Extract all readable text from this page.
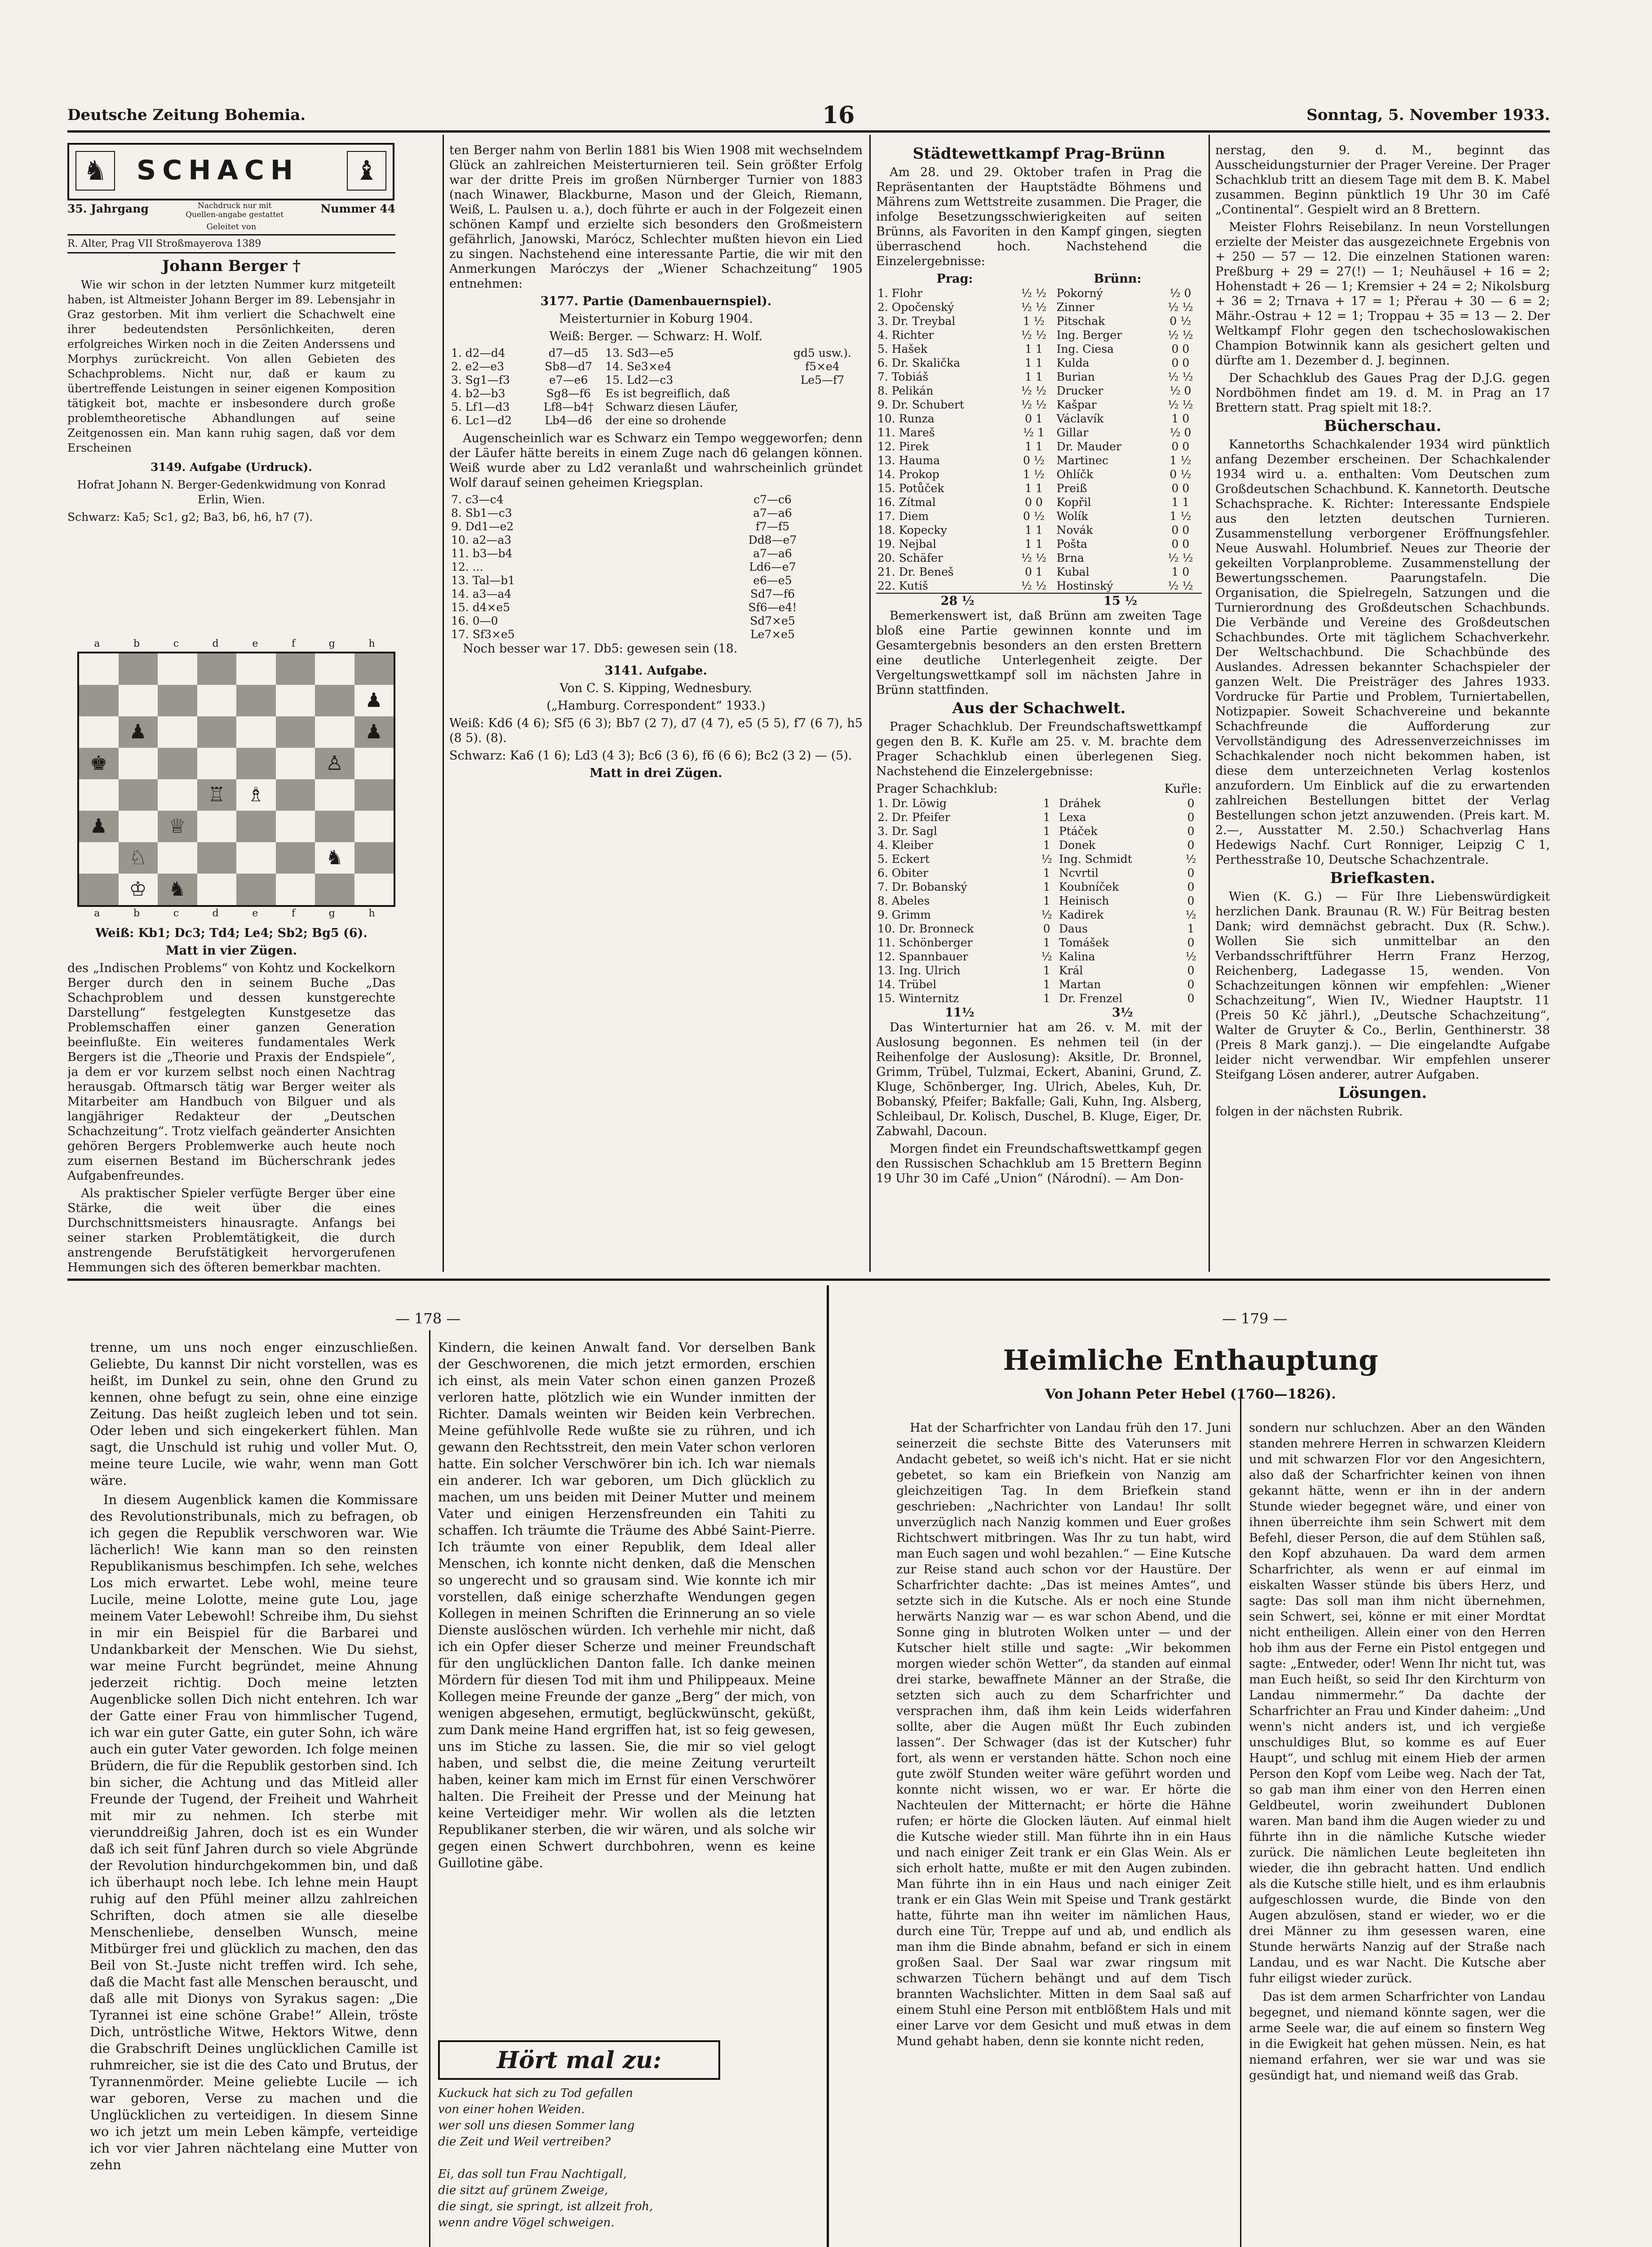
Deutsche Zeitung Bohemia.	16	Sonntag, 5. November 1933.
♞ SCHACH ♝
35. Jahrgang	Nachdruck nur mit Quellen-angabe gestattet	Nummer 44
Geleitet von
R. Alter, Prag VII Stroßmayerova 1389
Johann Berger †

Wie wir schon in der letzten Nummer kurz mitgeteilt haben, ist Altmeister Johann Berger im 89. Lebensjahr in Graz gestorben. Mit ihm verliert die Schachwelt eine ihrer bedeutendsten Persönlichkeiten, deren erfolgreiches Wirken noch in die Zeiten Anderssens und Morphys zurückreicht. Von allen Gebieten des Schachproblems. Nicht nur, daß er kaum zu übertreffende Leistungen in seiner eigenen Komposition tätigkeit bot, machte er insbesondere durch große problemtheoretische Abhandlungen auf seine Zeitgenossen ein. Man kann ruhig sagen, daß vor dem Erscheinen

3149. Aufgabe (Urdruck).

Hofrat Johann N. Berger-Gedenkwidmung von Konrad Erlin, Wien.

Schwarz: Ka5; Sc1, g2; Ba3, b6, h6, h7 (7).

♔
♕
♖	♗
♘
♙
♚
♞
♞
♟
♟	♟
♟
a	b	c	d	e	f	g	h
a	b	c	d	e	f	g	h

Weiß: Kb1; Dc3; Td4; Le4; Sb2; Bg5 (6).

Matt in vier Zügen.

des „Indischen Problems“ von Kohtz und Kockelkorn Berger durch den in seinem Buche „Das Schachproblem und dessen kunstgerechte Darstellung“ festgelegten Kunstgesetze das Problemschaffen einer ganzen Generation beeinflußte. Ein weiteres fundamentales Werk Bergers ist die „Theorie und Praxis der Endspiele“, ja dem er vor kurzem selbst noch einen Nachtrag herausgab. Oftmarsch tätig war Berger weiter als Mitarbeiter am Handbuch von Bilguer und als langjähriger Redakteur der „Deutschen Schachzeitung“. Trotz vielfach geänderter Ansichten gehören Bergers Problemwerke auch heute noch zum eisernen Bestand im Bücherschrank jedes Aufgabenfreundes.

Als praktischer Spieler verfügte Berger über eine Stärke, die weit über die eines Durchschnittsmeisters hinausragte. Anfangs bei seiner starken Problemtätigkeit, die durch anstrengende Berufstätigkeit hervorgerufenen Hemmungen sich des öfteren bemerkbar machten.

ten Berger nahm von Berlin 1881 bis Wien 1908 mit wechselndem Glück an zahlreichen Meisterturnieren teil. Sein größter Erfolg war der dritte Preis im großen Nürnberger Turnier von 1883 (nach Winawer, Blackburne, Mason und der Gleich, Riemann, Weiß, L. Paulsen u. a.), doch führte er auch in der Folgezeit einen schönen Kampf und erzielte sich besonders den Großmeistern gefährlich, Janowski, Marócz, Schlechter mußten hievon ein Lied zu singen. Nachstehend eine interessante Partie, die wir mit den Anmerkungen Maróczys der „Wiener Schachzeitung“ 1905 entnehmen:

3177. Partie (Damenbauernspiel).

Meisterturnier in Koburg 1904.

Weiß: Berger. — Schwarz: H. Wolf.

1. d2—d4	d7—d5	13. Sd3—e5	gd5 usw.).
2. e2—e3	Sb8—d7	14. Se3×e4	f5×e4
3. Sg1—f3	e7—e6	15. Ld2—c3	Le5—f7
4. b2—b3	Sg8—f6	Es ist begreiflich, daß	
5. Lf1—d3	Lf8—b4†	Schwarz diesen Läufer,	
6. Lc1—d2	Lb4—d6	der eine so drohende	

Augenscheinlich war es Schwarz ein Tempo weggeworfen; denn der Läufer hätte bereits in einem Zuge nach d6 gelangen können. Weiß wurde aber zu Ld2 veranlaßt und wahrscheinlich gründet Wolf darauf seinen geheimen Kriegsplan.

7. c3—c4	c7—c6
8. Sb1—c3	a7—a6
9. Dd1—e2	f7—f5
10. a2—a3	Dd8—e7
11. b3—b4	a7—a6
12. ...	Ld6—e7
13. Tal—b1	e6—e5
14. a3—a4	Sd7—f6
15. d4×e5	Sf6—e4!
16. 0—0	Sd7×e5
17. Sf3×e5	Le7×e5

Noch besser war 17. Db5: gewesen sein (18.

3141. Aufgabe.

Von C. S. Kipping, Wednesbury.

(„Hamburg. Correspondent“ 1933.)

Weiß: Kd6 (4 6); Sf5 (6 3); Bb7 (2 7), d7 (4 7), e5 (5 5), f7 (6 7), h5 (8 5). (8).

Schwarz: Ka6 (1 6); Ld3 (4 3); Bc6 (3 6), f6 (6 6); Bc2 (3 2) — (5).

Matt in drei Zügen.

Städtewettkampf Prag-Brünn

Am 28. und 29. Oktober trafen in Prag die Repräsentanten der Hauptstädte Böhmens und Mährens zum Wettstreite zusammen. Die Prager, die infolge Besetzungsschwierigkeiten auf seiten Brünns, als Favoriten in den Kampf gingen, siegten überraschend hoch. Nachstehend die Einzelergebnisse:

Prag:	Brünn:
1. Flohr	½ ½	Pokorný	½ 0
2. Opočenský	½ ½	Zinner	½ ½
3. Dr. Treybal	1 ½	Pitschak	0 ½
4. Richter	½ ½	Ing. Berger	½ ½
5. Hašek	1 1	Ing. Ciesa	0 0
6. Dr. Skalička	1 1	Kulda	0 0
7. Tobiáš	1 1	Burian	½ ½
8. Pelikán	½ ½	Drucker	½ 0
9. Dr. Schubert	½ ½	Kašpar	½ ½
10. Runza	0 1	Václavík	1 0
11. Mareš	½ 1	Gillar	½ 0
12. Pirek	1 1	Dr. Mauder	0 0
13. Hauma	0 ½	Martinec	1 ½
14. Prokop	1 ½	Ohlíčk	0 ½
15. Potůček	1 1	Preiß	0 0
16. Zítmal	0 0	Kopřil	1 1
17. Diem	0 ½	Wolík	1 ½
18. Kopecky	1 1	Novák	0 0
19. Nejbal	1 1	Pošta	0 0
20. Schäfer	½ ½	Brna	½ ½
21. Dr. Beneš	0 1	Kubal	1 0
22. Kutiš	½ ½	Hostinský	½ ½
28 ½	15 ½

Bemerkenswert ist, daß Brünn am zweiten Tage bloß eine Partie gewinnen konnte und im Gesamtergebnis besonders an den ersten Brettern eine deutliche Unterlegenheit zeigte. Der Vergeltungswettkampf soll im nächsten Jahre in Brünn stattfinden.

Aus der Schachwelt.

Prager Schachklub. Der Freundschaftswettkampf gegen den B. K. Kuřle am 25. v. M. brachte dem Prager Schachklub einen überlegenen Sieg. Nachstehend die Einzelergebnisse:

Prager Schachklub:	Kuřle:
1. Dr. Löwig	1	Dráhek	0
2. Dr. Pfeifer	1	Lexa	0
3. Dr. Sagl	1	Ptáček	0
4. Kleiber	1	Donek	0
5. Eckert	½	Ing. Schmidt	½
6. Obiter	1	Ncvrtil	0
7. Dr. Bobanský	1	Koubníček	0
8. Abeles	1	Heinisch	0
9. Grimm	½	Kadirek	½
10. Dr. Bronneck	0	Daus	1
11. Schönberger	1	Tomášek	0
12. Spannbauer	½	Kalina	½
13. Ing. Ulrich	1	Král	0
14. Trübel	1	Martan	0
15. Winternitz	1	Dr. Frenzel	0
11½	3½

Das Winterturnier hat am 26. v. M. mit der Auslosung begonnen. Es nehmen teil (in der Reihenfolge der Auslosung): Aksitle, Dr. Bronnel, Grimm, Trübel, Tulzmai, Eckert, Abanini, Grund, Z. Kluge, Schönberger, Ing. Ulrich, Abeles, Kuh, Dr. Bobanský, Pfeifer; Bakfalle; Gali, Kuhn, Ing. Alsberg, Schleibaul, Dr. Kolisch, Duschel, B. Kluge, Eiger, Dr. Zabwahl, Dacoun.

Morgen findet ein Freundschaftswettkampf gegen den Russischen Schachklub am 15 Brettern Beginn 19 Uhr 30 im Café „Union“ (Národní). — Am Don-

nerstag, den 9. d. M., beginnt das Ausscheidungsturnier der Prager Vereine. Der Prager Schachklub tritt an diesem Tage mit dem B. K. Mabel zusammen. Beginn pünktlich 19 Uhr 30 im Café „Continental“. Gespielt wird an 8 Brettern.

Meister Flohrs Reisebilanz. In neun Vorstellungen erzielte der Meister das ausgezeichnete Ergebnis von + 250 — 57 — 12. Die einzelnen Stationen waren: Preßburg + 29 = 27(!) — 1; Neuhäusel + 16 = 2; Hohenstadt + 26 — 1; Kremsier + 24 = 2; Nikolsburg + 36 = 2; Trnava + 17 = 1; Přerau + 30 — 6 = 2; Mähr.-Ostrau + 12 = 1; Troppau + 35 = 13 — 2. Der Weltkampf Flohr gegen den tschechoslowakischen Champion Botwinnik kann als gesichert gelten und dürfte am 1. Dezember d. J. beginnen.

Der Schachklub des Gaues Prag der D.J.G. gegen Nordböhmen findet am 19. d. M. in Prag an 17 Brettern statt. Prag spielt mit 18:?.

Bücherschau.

Kannetorths Schachkalender 1934 wird pünktlich anfang Dezember erscheinen. Der Schachkalender 1934 wird u. a. enthalten: Vom Deutschen zum Großdeutschen Schachbund. K. Kannetorth. Deutsche Schachsprache. K. Richter: Interessante Endspiele aus den letzten deutschen Turnieren. Zusammenstellung verborgener Eröffnungsfehler. Neue Auswahl. Holumbrief. Neues zur Theorie der gekeilten Vorplanprobleme. Zusammenstellung der Bewertungsschemen. Paarungstafeln. Die Organisation, die Spielregeln, Satzungen und die Turnierordnung des Großdeutschen Schachbunds. Die Verbände und Vereine des Großdeutschen Schachbundes. Orte mit täglichem Schachverkehr. Der Weltschachbund. Die Schachbünde des Auslandes. Adressen bekannter Schachspieler der ganzen Welt. Die Preisträger des Jahres 1933. Vordrucke für Partie und Problem, Turniertabellen, Notizpapier. Soweit Schachvereine und bekannte Schachfreunde die Aufforderung zur Vervollständigung des Adressenverzeichnisses im Schachkalender noch nicht bekommen haben, ist diese dem unterzeichneten Verlag kostenlos anzufordern. Um Einblick auf die zu erwartenden zahlreichen Bestellungen bittet der Verlag Bestellungen schon jetzt anzuwenden. (Preis kart. M. 2.—, Ausstatter M. 2.50.) Schachverlag Hans Hedewigs Nachf. Curt Ronniger, Leipzig C 1, Perthesstraße 10, Deutsche Schachzentrale.

Briefkasten.

Wien (K. G.) — Für Ihre Liebenswürdigkeit herzlichen Dank. Braunau (R. W.) Für Beitrag besten Dank; wird demnächst gebracht. Dux (R. Schw.). Wollen Sie sich unmittelbar an den Verbandsschriftführer Herrn Franz Herzog, Reichenberg, Ladegasse 15, wenden. Von Schachzeitungen können wir empfehlen: „Wiener Schachzeitung“, Wien IV., Wiedner Hauptstr. 11 (Preis 50 Kč jährl.), „Deutsche Schachzeitung“, Walter de Gruyter & Co., Berlin, Genthinerstr. 38 (Preis 8 Mark ganzj.). — Die eingelandte Aufgabe leider nicht verwendbar. Wir empfehlen unserer Steifgang Lösen anderer, autrer Aufgaben.

Lösungen.

folgen in der nächsten Rubrik.

— 178 —	— 179 —

trenne, um uns noch enger einzuschließen. Geliebte, Du kannst Dir nicht vorstellen, was es heißt, im Dunkel zu sein, ohne den Grund zu kennen, ohne befugt zu sein, ohne eine einzige Zeitung. Das heißt zugleich leben und tot sein. Oder leben und sich eingekerkert fühlen. Man sagt, die Unschuld ist ruhig und voller Mut. O, meine teure Lucile, wie wahr, wenn man Gott wäre.

In diesem Augenblick kamen die Kommissare des Revolutionstribunals, mich zu befragen, ob ich gegen die Republik verschworen war. Wie lächerlich! Wie kann man so den reinsten Republikanismus beschimpfen. Ich sehe, welches Los mich erwartet. Lebe wohl, meine teure Lucile, meine Lolotte, meine gute Lou, jage meinem Vater Lebewohl! Schreibe ihm, Du siehst in mir ein Beispiel für die Barbarei und Undankbarkeit der Menschen. Wie Du siehst, war meine Furcht begründet, meine Ahnung jederzeit richtig. Doch meine letzten Augenblicke sollen Dich nicht entehren. Ich war der Gatte einer Frau von himmlischer Tugend, ich war ein guter Gatte, ein guter Sohn, ich wäre auch ein guter Vater geworden. Ich folge meinen Brüdern, die für die Republik gestorben sind. Ich bin sicher, die Achtung und das Mitleid aller Freunde der Tugend, der Freiheit und Wahrheit mit mir zu nehmen. Ich sterbe mit vierunddreißig Jahren, doch ist es ein Wunder daß ich seit fünf Jahren durch so viele Abgründe der Revolution hindurchgekommen bin, und daß ich überhaupt noch lebe. Ich lehne mein Haupt ruhig auf den Pfühl meiner allzu zahlreichen Schriften, doch atmen sie alle dieselbe Menschenliebe, denselben Wunsch, meine Mitbürger frei und glücklich zu machen, den das Beil von St.-Juste nicht treffen wird. Ich sehe, daß die Macht fast alle Menschen berauscht, und daß alle mit Dionys von Syrakus sagen: „Die Tyrannei ist eine schöne Grabe!“ Allein, tröste Dich, untröstliche Witwe, Hektors Witwe, denn die Grabschrift Deines unglücklichen Camille ist ruhmreicher, sie ist die des Cato und Brutus, der Tyrannenmörder. Meine geliebte Lucile — ich war geboren, Verse zu machen und die Unglücklichen zu verteidigen. In diesem Sinne wo ich jetzt um mein Leben kämpfe, verteidige ich vor vier Jahren nächtelang eine Mutter von zehn

Kindern, die keinen Anwalt fand. Vor derselben Bank der Geschworenen, die mich jetzt ermorden, erschien ich einst, als mein Vater schon einen ganzen Prozeß verloren hatte, plötzlich wie ein Wunder inmitten der Richter. Damals weinten wir Beiden kein Verbrechen. Meine gefühlvolle Rede wußte sie zu rühren, und ich gewann den Rechtsstreit, den mein Vater schon verloren hatte. Ein solcher Verschwörer bin ich. Ich war niemals ein anderer. Ich war geboren, um Dich glücklich zu machen, um uns beiden mit Deiner Mutter und meinem Vater und einigen Herzensfreunden ein Tahiti zu schaffen. Ich träumte die Träume des Abbé Saint-Pierre. Ich träumte von einer Republik, dem Ideal aller Menschen, ich konnte nicht denken, daß die Menschen so ungerecht und so grausam sind. Wie konnte ich mir vorstellen, daß einige scherzhafte Wendungen gegen Kollegen in meinen Schriften die Erinnerung an so viele Dienste auslöschen würden. Ich verhehle mir nicht, daß ich ein Opfer dieser Scherze und meiner Freundschaft für den unglücklichen Danton falle. Ich danke meinen Mördern für diesen Tod mit ihm und Philippeaux. Meine Kollegen meine Freunde der ganze „Berg“ der mich, von wenigen abgesehen, ermutigt, beglückwünscht, geküßt, zum Dank meine Hand ergriffen hat, ist so feig gewesen, uns im Stiche zu lassen. Sie, die mir so viel gelogt haben, und selbst die, die meine Zeitung verurteilt haben, keiner kam mich im Ernst für einen Verschwörer halten. Die Freiheit der Presse und der Meinung hat keine Verteidiger mehr. Wir wollen als die letzten Republikaner sterben, die wir wären, und als solche wir gegen einen Schwert durchbohren, wenn es keine Guillotine gäbe.

Hört mal zu:
Kuckuck hat sich zu Tod gefallen
von einer hohen Weiden.
wer soll uns diesen Sommer lang
die Zeit und Weil vertreiben?

Ei, das soll tun Frau Nachtigall,
die sitzt auf grünem Zweige,
die singt, sie springt, ist allzeit froh,
wenn andre Vögel schweigen.
Heimliche Enthauptung
Von Johann Peter Hebel (1760—1826).

Hat der Scharfrichter von Landau früh den 17. Juni seinerzeit die sechste Bitte des Vaterunsers mit Andacht gebetet, so weiß ich's nicht. Hat er sie nicht gebetet, so kam ein Briefkein von Nanzig am gleichzeitigen Tag. In dem Briefkein stand geschrieben: „Nachrichter von Landau! Ihr sollt unverzüglich nach Nanzig kommen und Euer großes Richtschwert mitbringen. Was Ihr zu tun habt, wird man Euch sagen und wohl bezahlen.“ — Eine Kutsche zur Reise stand auch schon vor der Haustüre. Der Scharfrichter dachte: „Das ist meines Amtes“, und setzte sich in die Kutsche. Als er noch eine Stunde herwärts Nanzig war — es war schon Abend, und die Sonne ging in blutroten Wolken unter — und der Kutscher hielt stille und sagte: „Wir bekommen morgen wieder schön Wetter“, da standen auf einmal drei starke, bewaffnete Männer an der Straße, die setzten sich auch zu dem Scharfrichter und versprachen ihm, daß ihm kein Leids widerfahren sollte, aber die Augen müßt Ihr Euch zubinden lassen“. Der Schwager (das ist der Kutscher) fuhr fort, als wenn er verstanden hätte. Schon noch eine gute zwölf Stunden weiter wäre geführt worden und konnte nicht wissen, wo er war. Er hörte die Nachteulen der Mitternacht; er hörte die Hähne rufen; er hörte die Glocken läuten. Auf einmal hielt die Kutsche wieder still. Man führte ihn in ein Haus und nach einiger Zeit trank er ein Glas Wein. Als er sich erholt hatte, mußte er mit den Augen zubinden. Man führte ihn in ein Haus und nach einiger Zeit trank er ein Glas Wein mit Speise und Trank gestärkt hatte, führte man ihn weiter im nämlichen Haus, durch eine Tür, Treppe auf und ab, und endlich als man ihm die Binde abnahm, befand er sich in einem großen Saal. Der Saal war zwar ringsum mit schwarzen Tüchern behängt und auf dem Tisch brannten Wachslichter. Mitten in dem Saal saß auf einem Stuhl eine Person mit entblößtem Hals und mit einer Larve vor dem Gesicht und muß etwas in dem Mund gehabt haben, denn sie konnte nicht reden,

sondern nur schluchzen. Aber an den Wänden standen mehrere Herren in schwarzen Kleidern und mit schwarzen Flor vor den Angesichtern, also daß der Scharfrichter keinen von ihnen gekannt hätte, wenn er ihn in der andern Stunde wieder begegnet wäre, und einer von ihnen überreichte ihm sein Schwert mit dem Befehl, dieser Person, die auf dem Stühlen saß, den Kopf abzuhauen. Da ward dem armen Scharfrichter, als wenn er auf einmal im eiskalten Wasser stünde bis übers Herz, und sagte: Das soll man ihm nicht übernehmen, sein Schwert, sei, könne er mit einer Mordtat nicht entheiligen. Allein einer von den Herren hob ihm aus der Ferne ein Pistol entgegen und sagte: „Entweder, oder! Wenn Ihr nicht tut, was man Euch heißt, so seid Ihr den Kirchturm von Landau nimmermehr.“ Da dachte der Scharfrichter an Frau und Kinder daheim: „Und wenn's nicht anders ist, und ich vergieße unschuldiges Blut, so komme es auf Euer Haupt“, und schlug mit einem Hieb der armen Person den Kopf vom Leibe weg. Nach der Tat, so gab man ihm einer von den Herren einen Geldbeutel, worin zweihundert Dublonen waren. Man band ihm die Augen wieder zu und führte ihn in die nämliche Kutsche wieder zurück. Die nämlichen Leute begleiteten ihn wieder, die ihn gebracht hatten. Und endlich als die Kutsche stille hielt, und es ihm erlaubnis aufgeschlossen wurde, die Binde von den Augen abzulösen, stand er wieder, wo er die drei Männer zu ihm gesessen waren, eine Stunde herwärts Nanzig auf der Straße nach Landau, und es war Nacht. Die Kutsche aber fuhr eiligst wieder zurück.

Das ist dem armen Scharfrichter von Landau begegnet, und niemand könnte sagen, wer die arme Seele war, die auf einem so finstern Weg in die Ewigkeit hat gehen müssen. Nein, es hat niemand erfahren, wer sie war und was sie gesündigt hat, und niemand weiß das Grab.
